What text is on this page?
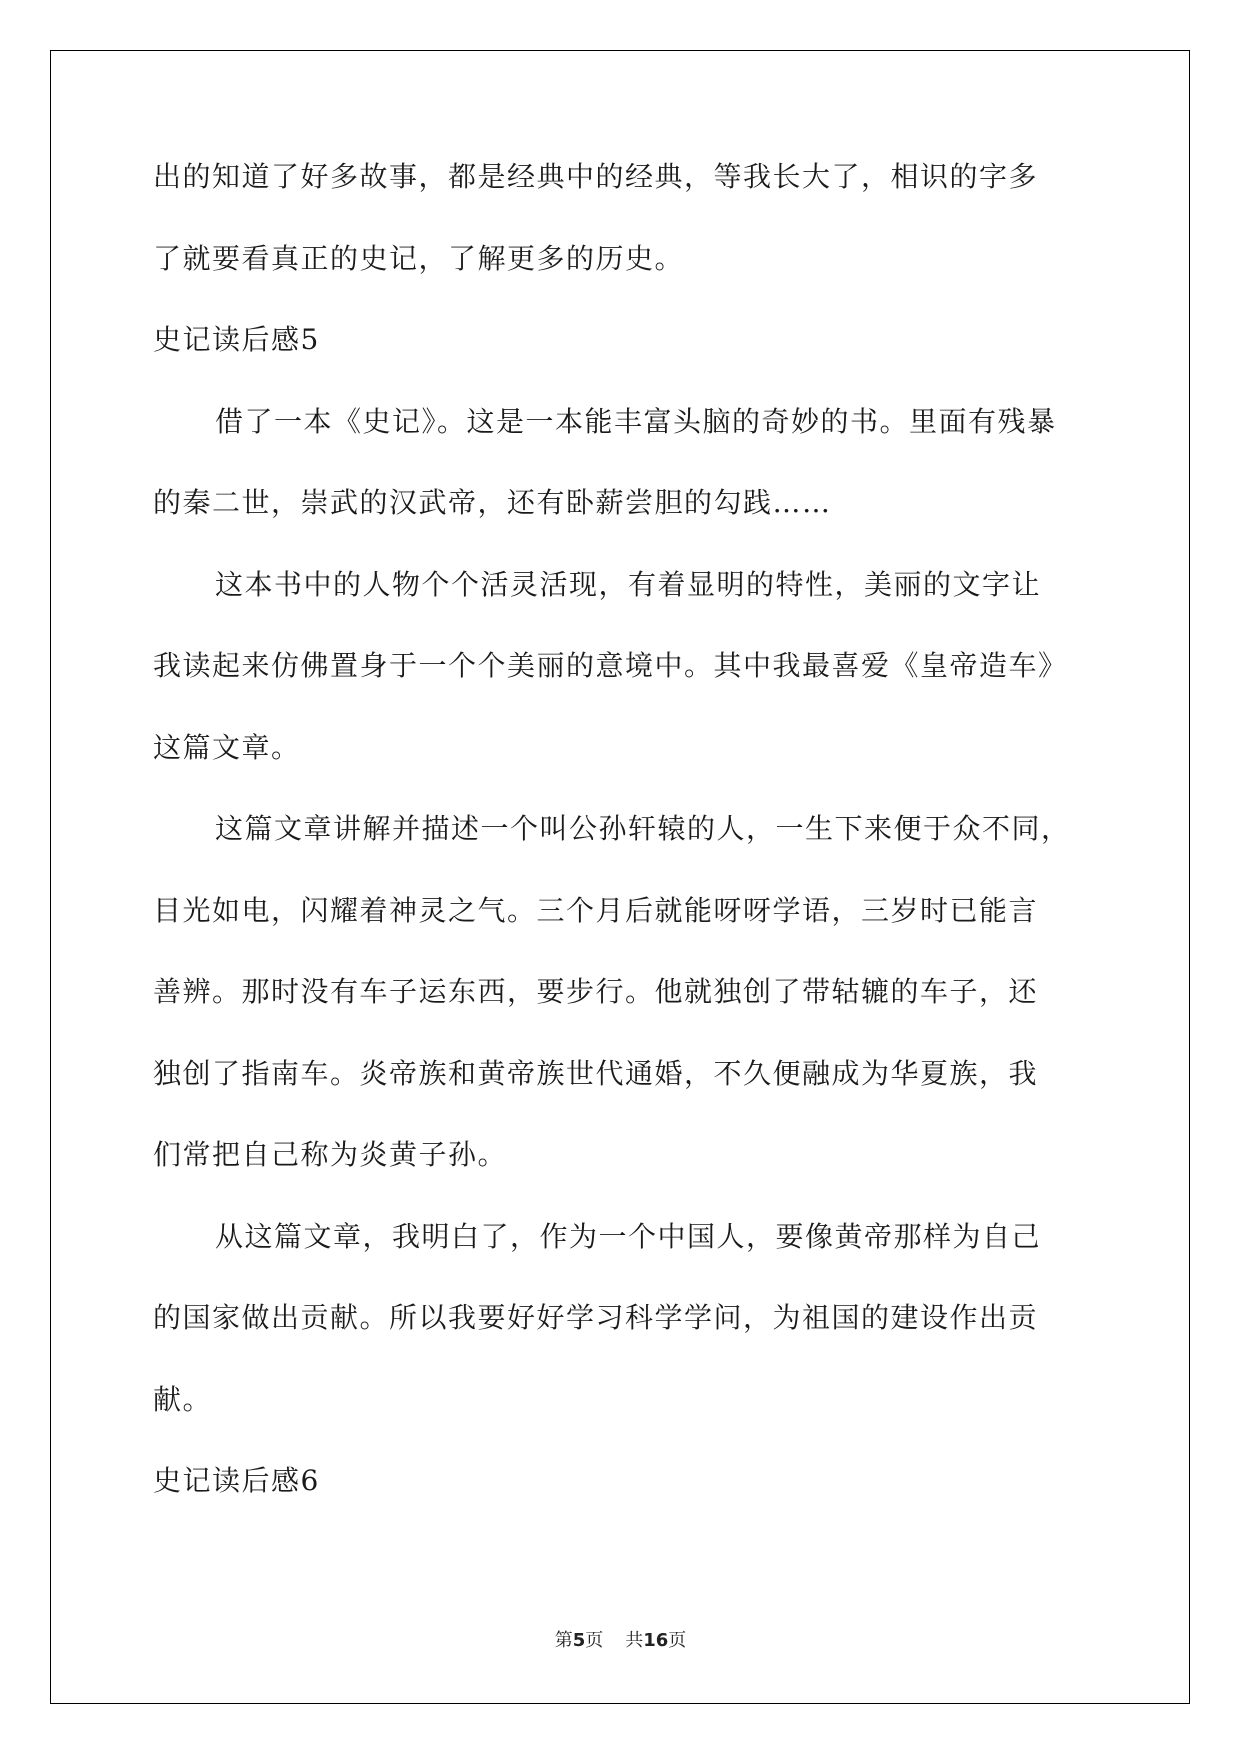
出的知道了好多故事，都是经典中的经典，等我长大了，相识的字多
了就要看真正的史记，了解更多的历史。
史记读后感5
借了一本《史记》。这是一本能丰富头脑的奇妙的书。里面有残暴
的秦二世，崇武的汉武帝，还有卧薪尝胆的勾践……
这本书中的人物个个活灵活现，有着显明的特性，美丽的文字让
我读起来仿佛置身于一个个美丽的意境中。其中我最喜爱《皇帝造车》
这篇文章。
这篇文章讲解并描述一个叫公孙轩辕的人，一生下来便于众不同，
目光如电，闪耀着神灵之气。三个月后就能呀呀学语，三岁时已能言
善辨。那时没有车子运东西，要步行。他就独创了带轱辘的车子，还
独创了指南车。炎帝族和黄帝族世代通婚，不久便融成为华夏族，我
们常把自己称为炎黄子孙。
从这篇文章，我明白了，作为一个中国人，要像黄帝那样为自己
的国家做出贡献。所以我要好好学习科学学问，为祖国的建设作出贡
献。
史记读后感6
第5页 共16页
